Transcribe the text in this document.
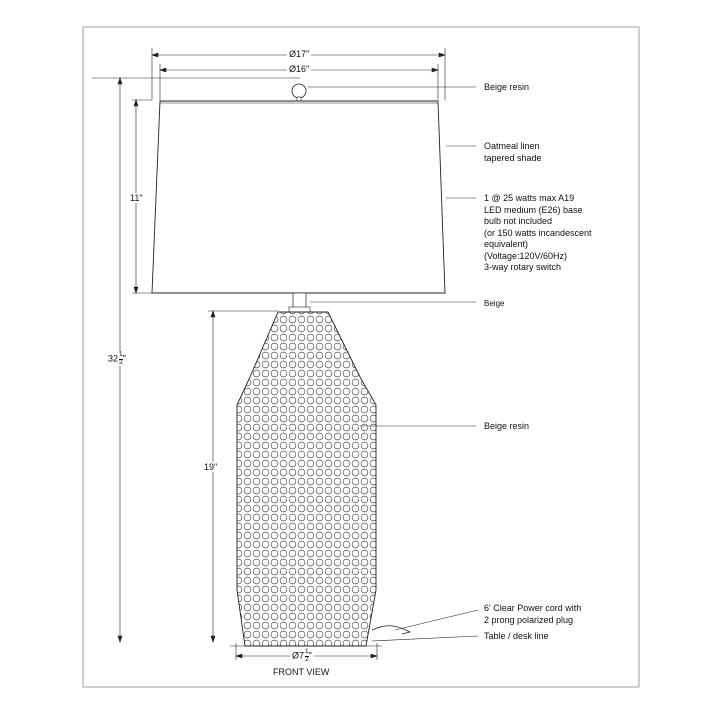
Ø17"
Ø16"
11"
$32 \frac{1}{2}$ "
19"
Ø7 $\frac{1}{2}$ "
Beige resin
Oatmeal linen
tapered shade
1 @ 25 watts max A19
LED medium (E26) base
bulb not included
(or 150 watts incandescent
equivalent)
(Voltage:120V/60Hz)
3-way rotary switch
Beige
Beige resin
6' Clear Power cord with
2 prong polarized plug
Table / desk line
FRONT VIEW
